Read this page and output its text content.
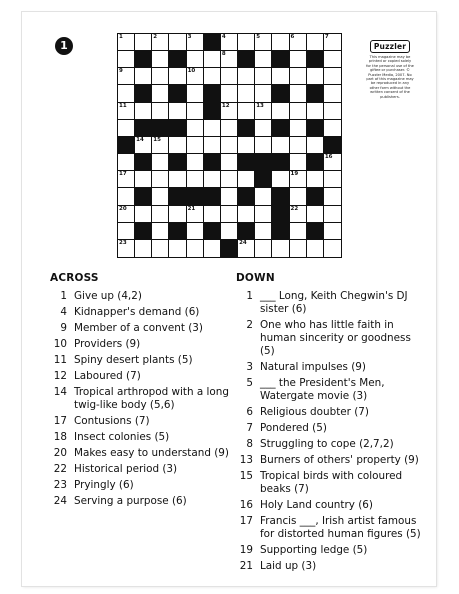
1
1	2	3	4	5	6	7
8
9	10
11	12	13
14 15
16
17	19
20	21	22
23	24
Puzzler
This magazine may be printed or copied solely for the personal use of the giftee or purchaser. © Puzzler Media, 2007. No part of this magazine may be reproduced in any other form without the written consent of the publishers.
ACROSS
1 Give up (4,2)
4 Kidnapper's demand (6)
9 Member of a convent (3)
10 Providers (9)
11 Spiny desert plants (5)
12 Laboured (7)
14 Tropical arthropod with a long twig-like body (5,6)
17 Contusions (7)
18 Insect colonies (5)
20 Makes easy to understand (9)
22 Historical period (3)
23 Pryingly (6)
24 Serving a purpose (6)
DOWN
1 ___ Long, Keith Chegwin's DJ sister (6)
2 One who has little faith in human sincerity or goodness (5)
3 Natural impulses (9)
5 ___ the President's Men, Watergate movie (3)
6 Religious doubter (7)
7 Pondered (5)
8 Struggling to cope (2,7,2)
13 Burners of others' property (9)
15 Tropical birds with coloured beaks (7)
16 Holy Land country (6)
17 Francis ___, Irish artist famous for distorted human figures (5)
19 Supporting ledge (5)
21 Laid up (3)
